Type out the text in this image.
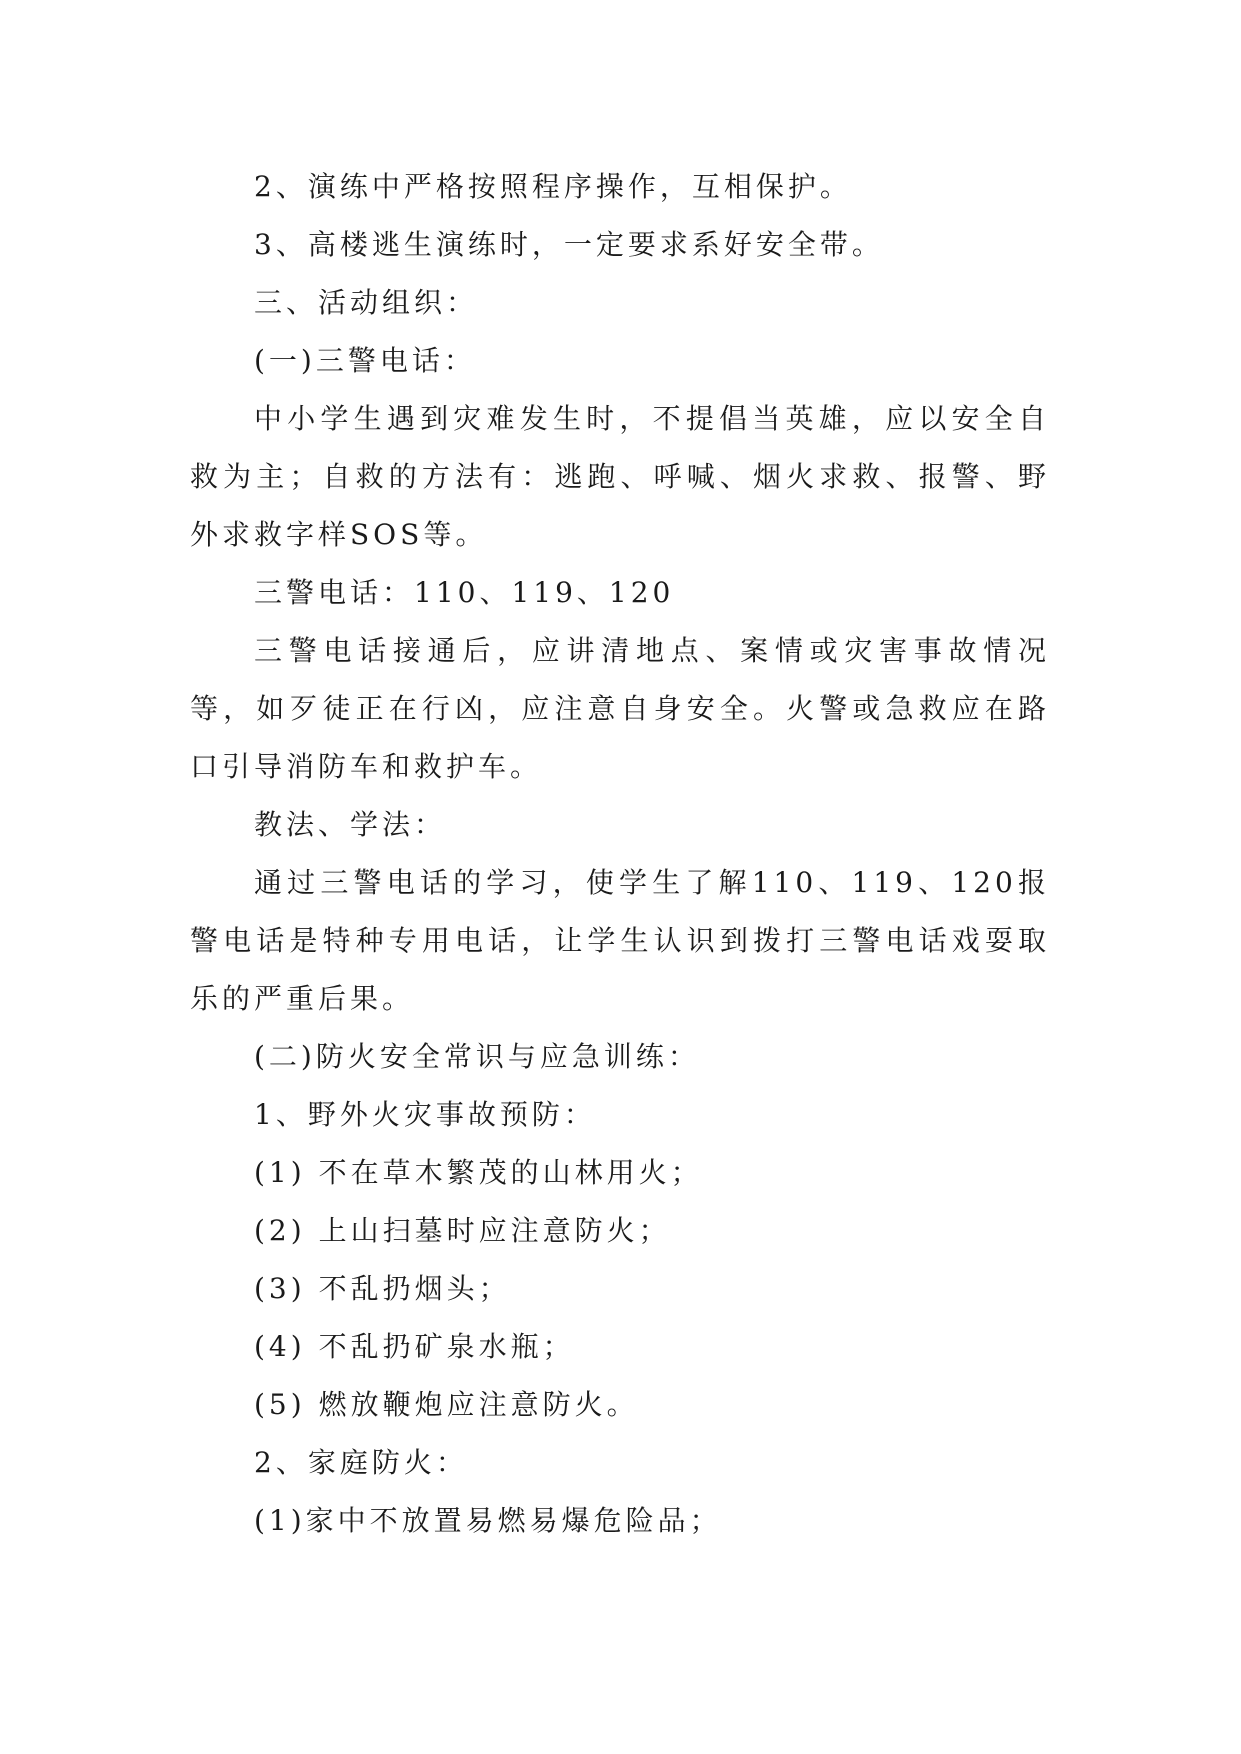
2、演练中严格按照程序操作，互相保护。

3、高楼逃生演练时，一定要求系好安全带。

三、活动组织：

(一)三警电话：

中小学生遇到灾难发生时，不提倡当英雄，应以安全自救为主；自救的方法有：逃跑、呼喊、烟火求救、报警、野外求救字样SOS等。

三警电话：110、119、120

三警电话接通后，应讲清地点、案情或灾害事故情况等，如歹徒正在行凶，应注意自身安全。火警或急救应在路口引导消防车和救护车。

教法、学法：

通过三警电话的学习，使学生了解110、119、120报警电话是特种专用电话，让学生认识到拨打三警电话戏耍取乐的严重后果。

(二)防火安全常识与应急训练：

1、野外火灾事故预防：

(1) 不在草木繁茂的山林用火；

(2) 上山扫墓时应注意防火；

(3) 不乱扔烟头；

(4) 不乱扔矿泉水瓶；

(5) 燃放鞭炮应注意防火。

2、家庭防火：

(1)家中不放置易燃易爆危险品；
